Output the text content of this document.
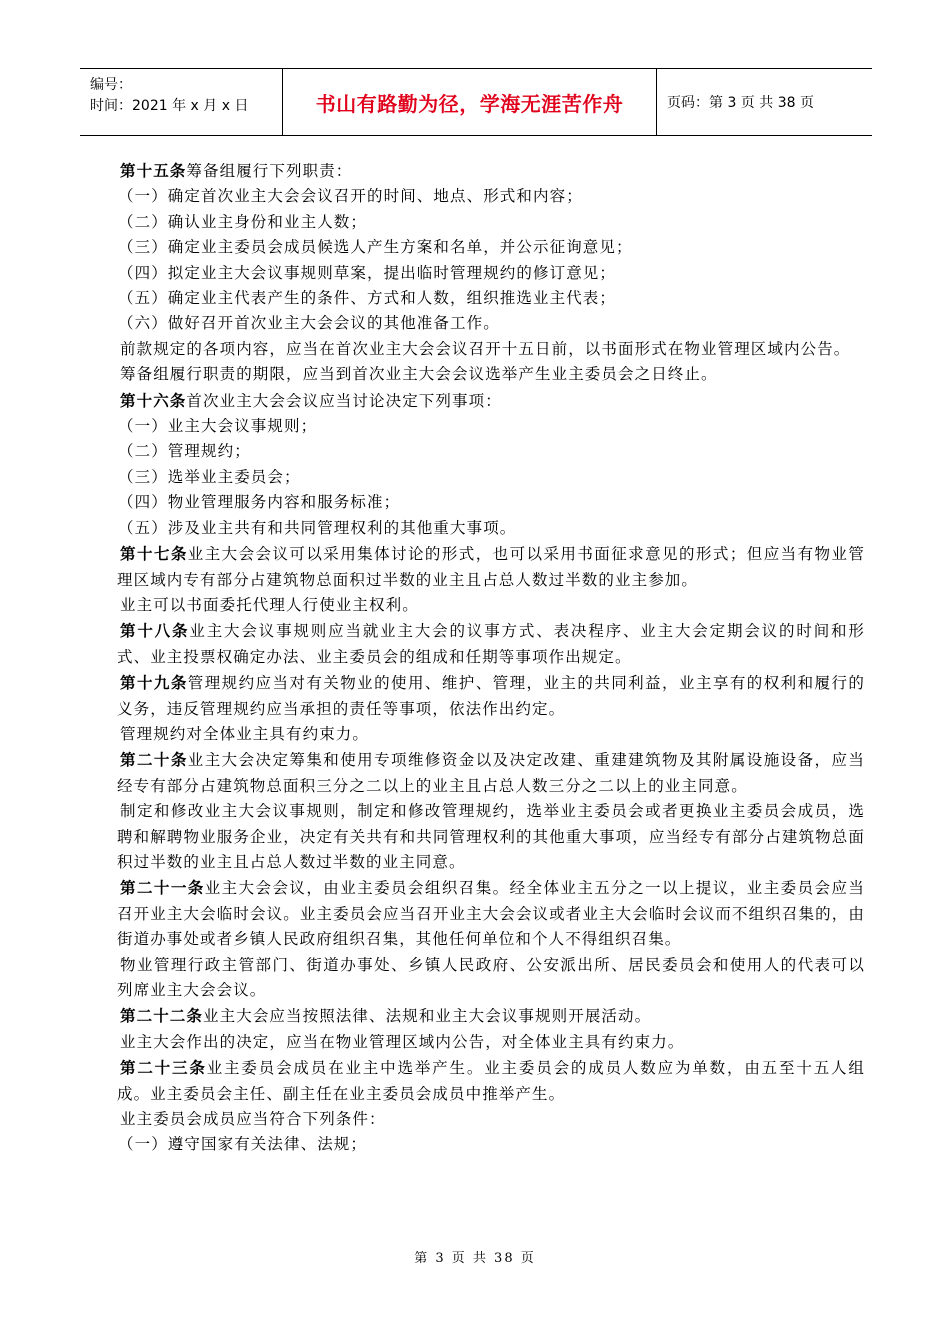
编号：
时间：2021 年 x 月 x 日	书山有路勤为径，学海无涯苦作舟	页码：第 3 页 共 38 页

第十五条筹备组履行下列职责：

（一）确定首次业主大会会议召开的时间、地点、形式和内容；

（二）确认业主身份和业主人数；

（三）确定业主委员会成员候选人产生方案和名单，并公示征询意见；

（四）拟定业主大会议事规则草案，提出临时管理规约的修订意见；

（五）确定业主代表产生的条件、方式和人数，组织推选业主代表；

（六）做好召开首次业主大会会议的其他准备工作。

前款规定的各项内容，应当在首次业主大会会议召开十五日前，以书面形式在物业管理区域内公告。

筹备组履行职责的期限，应当到首次业主大会会议选举产生业主委员会之日终止。

第十六条首次业主大会会议应当讨论决定下列事项：

（一）业主大会议事规则；

（二）管理规约；

（三）选举业主委员会；

（四）物业管理服务内容和服务标准；

（五）涉及业主共有和共同管理权利的其他重大事项。

第十七条业主大会会议可以采用集体讨论的形式，也可以采用书面征求意见的形式；但应当有物业管理区域内专有部分占建筑物总面积过半数的业主且占总人数过半数的业主参加。

业主可以书面委托代理人行使业主权利。

第十八条业主大会议事规则应当就业主大会的议事方式、表决程序、业主大会定期会议的时间和形式、业主投票权确定办法、业主委员会的组成和任期等事项作出规定。

第十九条管理规约应当对有关物业的使用、维护、管理，业主的共同利益，业主享有的权利和履行的义务，违反管理规约应当承担的责任等事项，依法作出约定。

管理规约对全体业主具有约束力。

第二十条业主大会决定筹集和使用专项维修资金以及决定改建、重建建筑物及其附属设施设备，应当经专有部分占建筑物总面积三分之二以上的业主且占总人数三分之二以上的业主同意。

制定和修改业主大会议事规则，制定和修改管理规约，选举业主委员会或者更换业主委员会成员，选聘和解聘物业服务企业，决定有关共有和共同管理权利的其他重大事项，应当经专有部分占建筑物总面积过半数的业主且占总人数过半数的业主同意。

第二十一条业主大会会议，由业主委员会组织召集。经全体业主五分之一以上提议，业主委员会应当召开业主大会临时会议。业主委员会应当召开业主大会会议或者业主大会临时会议而不组织召集的，由街道办事处或者乡镇人民政府组织召集，其他任何单位和个人不得组织召集。

物业管理行政主管部门、街道办事处、乡镇人民政府、公安派出所、居民委员会和使用人的代表可以列席业主大会会议。

第二十二条业主大会应当按照法律、法规和业主大会议事规则开展活动。

业主大会作出的决定，应当在物业管理区域内公告，对全体业主具有约束力。

第二十三条业主委员会成员在业主中选举产生。业主委员会的成员人数应为单数，由五至十五人组成。业主委员会主任、副主任在业主委员会成员中推举产生。

业主委员会成员应当符合下列条件：

（一）遵守国家有关法律、法规；

第 3 页 共 38 页
